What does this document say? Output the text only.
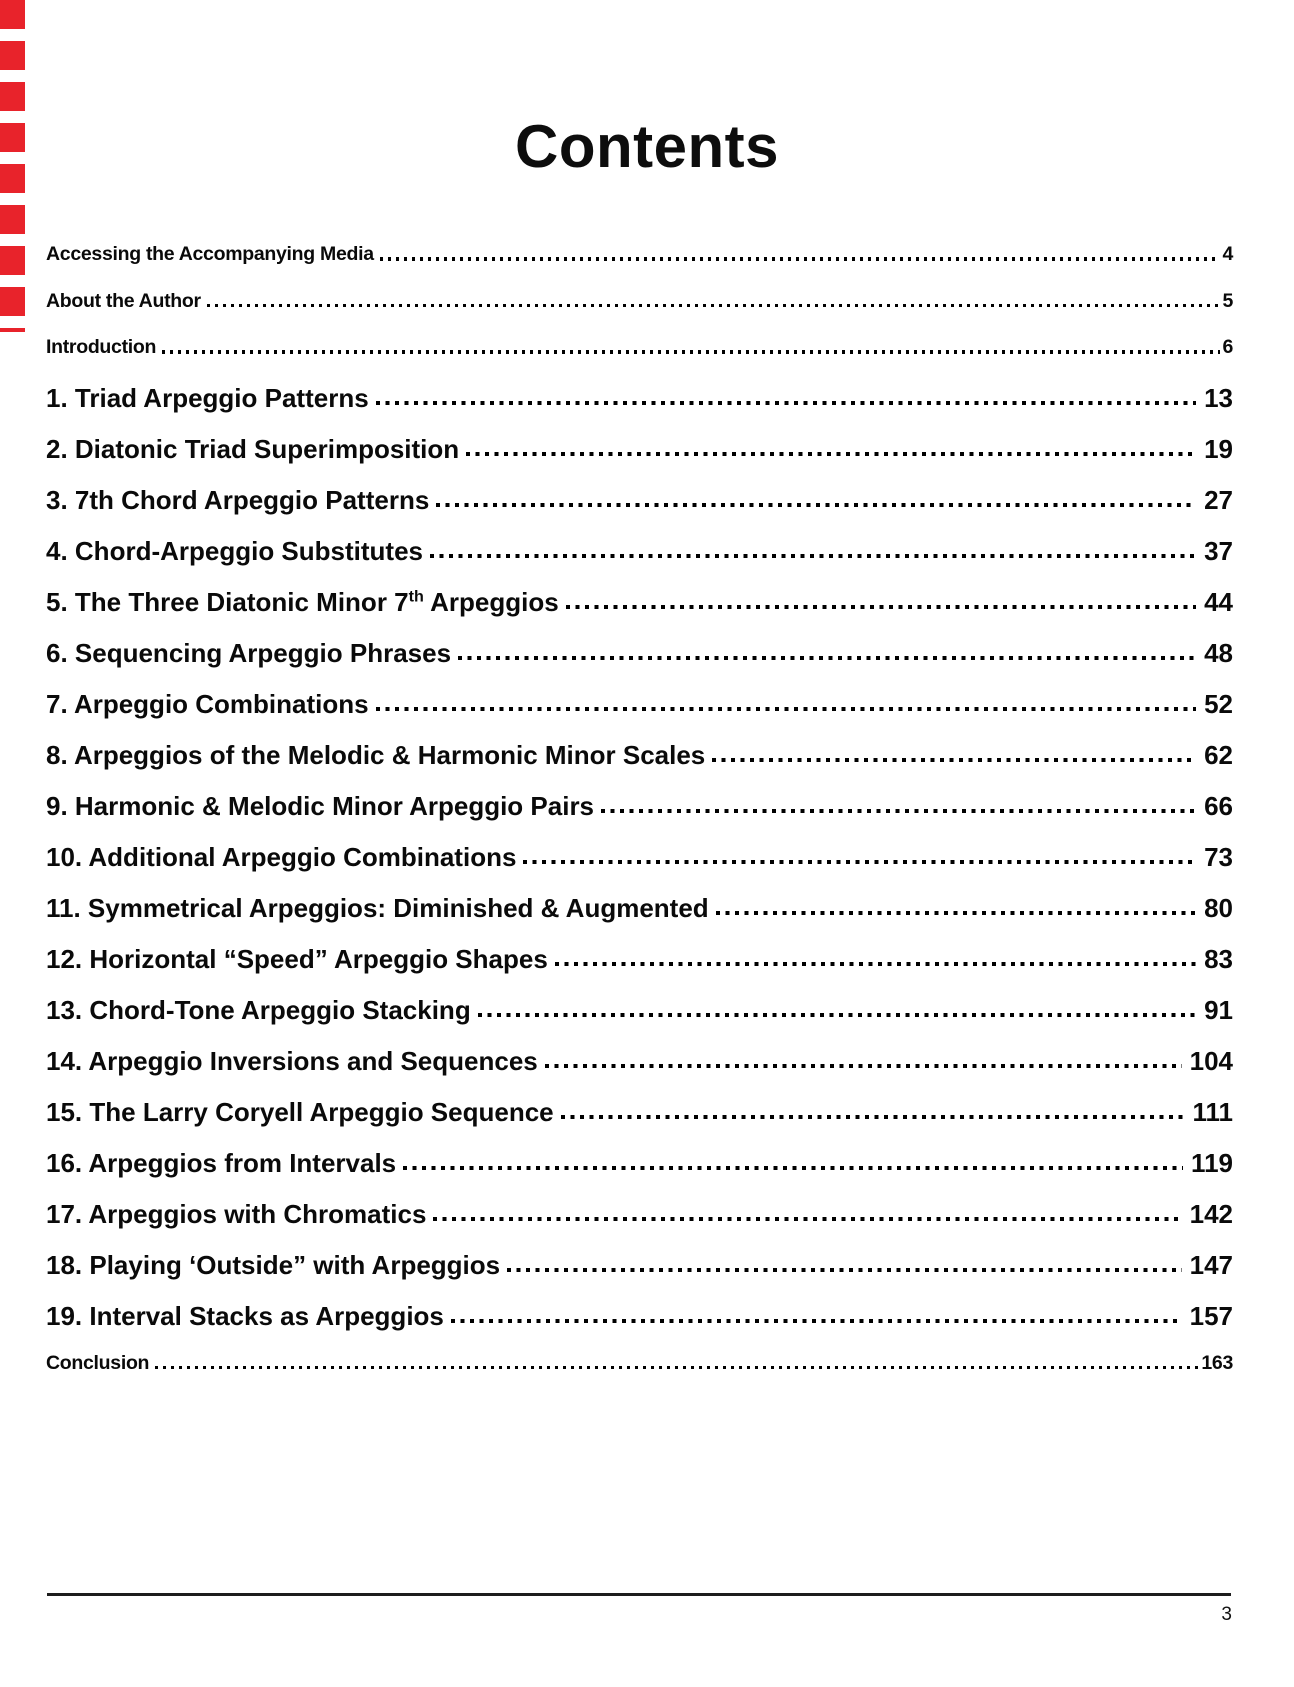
Contents
Accessing the Accompanying Media	4
About the Author	5
Introduction	6
1. Triad Arpeggio Patterns	13
2. Diatonic Triad Superimposition	19
3. 7th Chord Arpeggio Patterns	27
4. Chord-Arpeggio Substitutes	37
5. The Three Diatonic Minor 7th Arpeggios	44
6. Sequencing Arpeggio Phrases	48
7. Arpeggio Combinations	52
8. Arpeggios of the Melodic & Harmonic Minor Scales	62
9. Harmonic & Melodic Minor Arpeggio Pairs	66
10. Additional Arpeggio Combinations	73
11. Symmetrical Arpeggios: Diminished & Augmented	80
12. Horizontal “Speed” Arpeggio Shapes	83
13. Chord-Tone Arpeggio Stacking	91
14. Arpeggio Inversions and Sequences	104
15. The Larry Coryell Arpeggio Sequence	111
16. Arpeggios from Intervals	119
17. Arpeggios with Chromatics	142
18. Playing ‘Outside” with Arpeggios	147
19. Interval Stacks as Arpeggios	157
Conclusion	163
3
